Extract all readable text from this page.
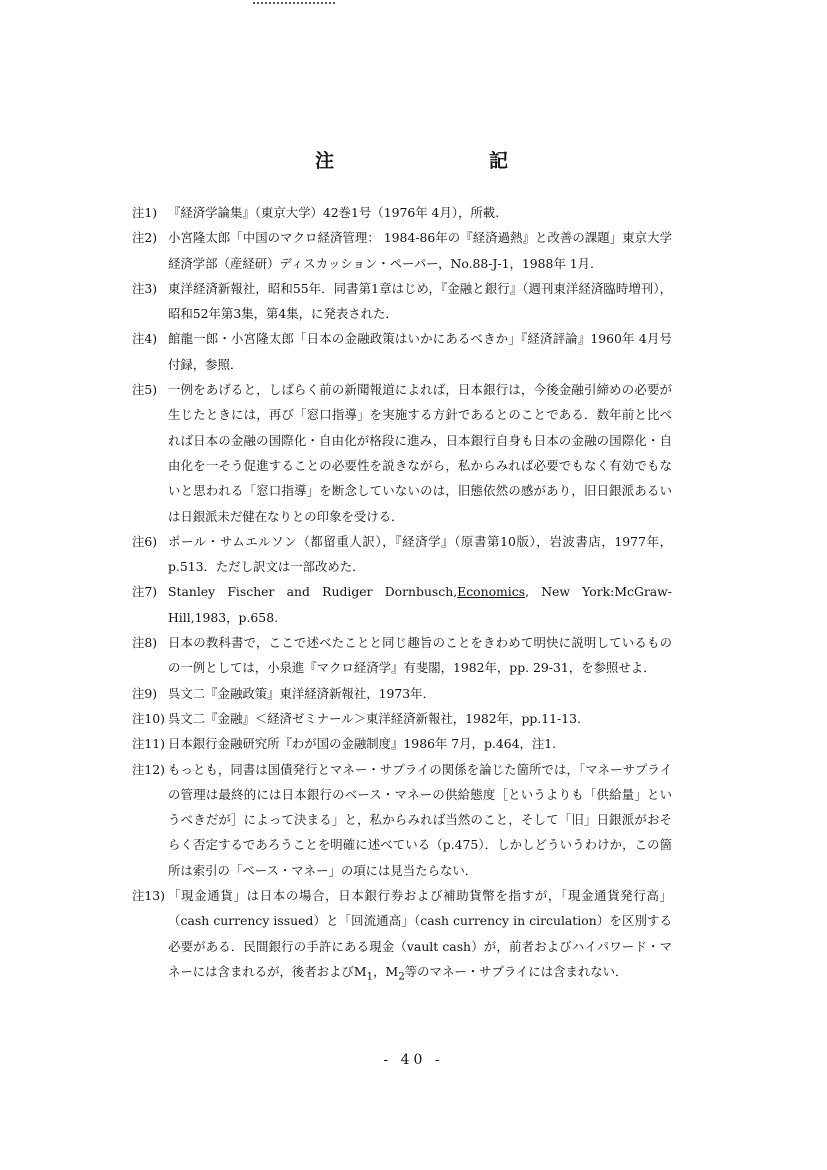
注　記
注1) 『経済学論集』（東京大学）42巻1号（1976年 4月），所載.
注2) 小宮隆太郎「中国のマクロ経済管理： 1984-86年の『経済過熱』と改善の課題」東京大学経済学部（産経研）ディスカッション・ペーパー，No.88-J-1，1988年 1月.
注3) 東洋経済新報社，昭和55年．同書第1章はじめ，『金融と銀行』（週刊東洋経済臨時増刊），昭和52年第3集，第4集，に発表された．
注4) 館龍一郎・小宮隆太郎「日本の金融政策はいかにあるべきか」『経済評論』1960年 4月号付録，参照．
注5) 一例をあげると，しばらく前の新聞報道によれば，日本銀行は，今後金融引締めの必要が生じたときには，再び「窓口指導」を実施する方針であるとのことである．数年前と比べれば日本の金融の国際化・自由化が格段に進み，日本銀行自身も日本の金融の国際化・自由化を一そう促進することの必要性を説きながら，私からみれば必要でもなく有効でもないと思われる「窓口指導」を断念していないのは，旧態依然の感があり，旧日銀派あるいは日銀派未だ健在なりとの印象を受ける．
注6) ポール・サムエルソン（都留重人訳），『経済学』（原書第10版），岩波書店，1977年，p.513．ただし訳文は一部改めた．
注7) Stanley Fischer and Rudiger Dornbusch,Economics, New York:McGraw-Hill,1983，p.658.
注8) 日本の教科書で，ここで述べたことと同じ趣旨のことをきわめて明快に説明しているものの一例としては，小泉進『マクロ経済学』有斐閣，1982年，pp. 29-31，を参照せよ．
注9) 呉文二『金融政策』東洋経済新報社，1973年．
注10) 呉文二『金融』＜経済ゼミナール＞東洋経済新報社，1982年，pp.11-13.
注11) 日本銀行金融研究所『わが国の金融制度』1986年 7月，p.464，注1.
注12) もっとも，同書は国債発行とマネー・サプライの関係を論じた箇所では，「マネーサプライの管理は最終的には日本銀行のベース・マネーの供給態度［というよりも「供給量」というべきだが］によって決まる」と，私からみれば当然のこと，そして「旧」日銀派がおそらく否定するであろうことを明確に述べている（p.475）．しかしどういうわけか，この箇所は索引の「ベース・マネー」の項には見当たらない．
注13) 「現金通貨」は日本の場合，日本銀行券および補助貨幣を指すが，「現金通貨発行高」（cash currency issued）と「回流通高」（cash currency in circulation）を区別する必要がある．民間銀行の手許にある現金（vault cash）が，前者およびハイパワード・マネーには含まれるが，後者および$M_1$，$M_2$等のマネー・サプライには含まれない．
- 40 -
